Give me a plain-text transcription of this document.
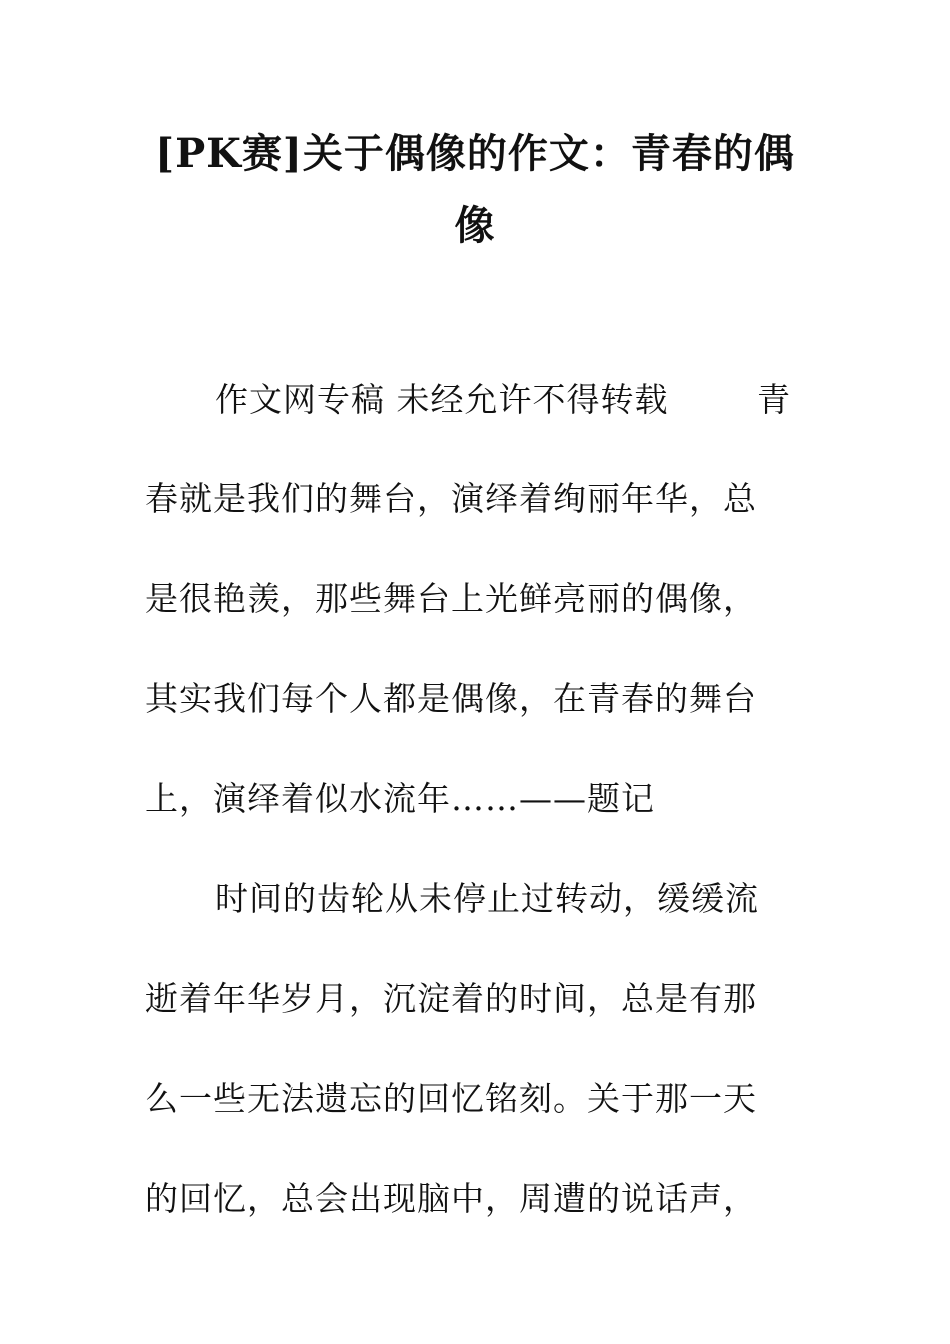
[PK赛]关于偶像的作文：青春的偶
像
作文网专稿 未经允许不得转载	青
春就是我们的舞台，演绎着绚丽年华，总
是很艳羡，那些舞台上光鲜亮丽的偶像，
其实我们每个人都是偶像，在青春的舞台
上，演绎着似水流年……——题记
时间的齿轮从未停止过转动，缓缓流
逝着年华岁月，沉淀着的时间，总是有那
么一些无法遗忘的回忆铭刻。关于那一天
的回忆，总会出现脑中，周遭的说话声，
